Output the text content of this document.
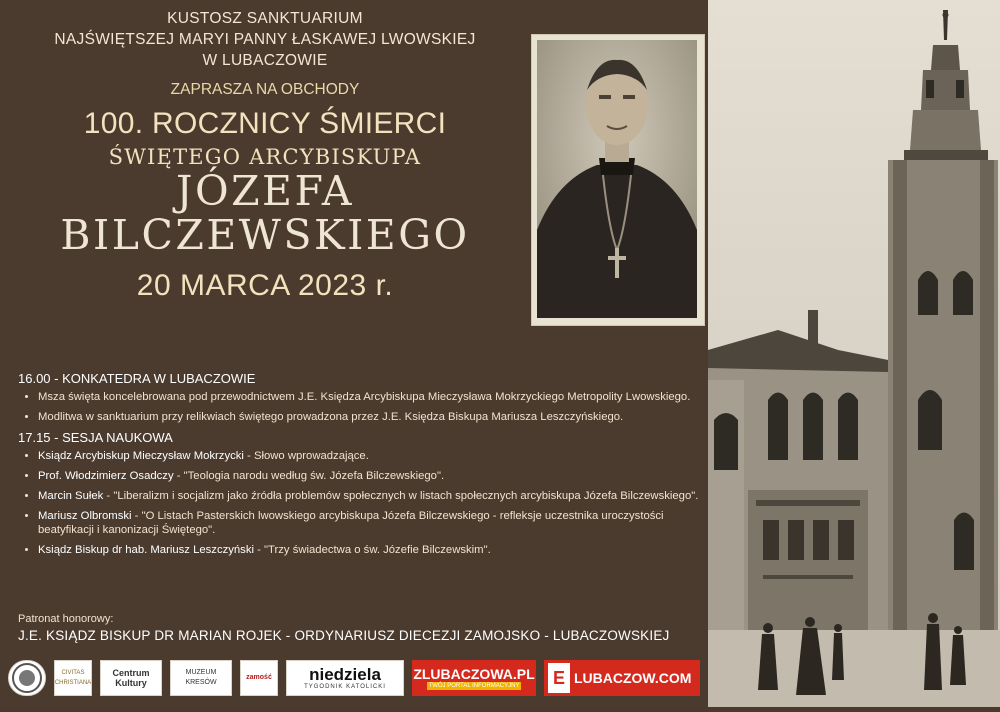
KUSTOSZ SANKTUARIUM
NAJŚWIĘTSZEJ MARYI PANNY ŁASKAWEJ LWOWSKIEJ
W LUBACZOWIE
ZAPRASZA NA OBCHODY
100. ROCZNICY ŚMIERCI
ŚWIĘTEGO ARCYBISKUPA
JÓZEFA
BILCZEWSKIEGO
20 MARCA 2023 r.
16.00 - KONKATEDRA W LUBACZOWIE
• Msza święta koncelebrowana pod przewodnictwem J.E. Księdza Arcybiskupa Mieczysława Mokrzyckiego Metropolity Lwowskiego.
• Modlitwa w sanktuarium przy relikwiach świętego prowadzona przez J.E. Księdza Biskupa Mariusza Leszczyńskiego.
17.15 - SESJA NAUKOWA
• Ksiądz Arcybiskup Mieczysław Mokrzycki - Słowo wprowadzające.
• Prof. Włodzimierz Osadczy - "Teologia narodu według św. Józefa Bilczewskiego".
• Marcin Sułek - "Liberalizm i socjalizm jako źródła problemów społecznych w listach społecznych arcybiskupa Józefa Bilczewskiego".
• Mariusz Olbromski - "O Listach Pasterskich lwowskiego arcybiskupa Józefa Bilczewskiego - refleksje uczestnika uroczystości beatyfikacji i kanonizacji Świętego".
• Ksiądz Biskup dr hab. Mariusz Leszczyński - "Trzy świadectwa o św. Józefie Bilczewskim".
Patronat honorowy:
J.E. KSIĄDZ BISKUP DR MARIAN ROJEK - ORDYNARIUSZ DIECEZJI ZAMOJSKO - LUBACZOWSKIEJ
CIVITAS CHRISTIANA
Centrum Kultury
MUZEUM KRESÓW
zamość niedziela
TYGODNIK KATOLICKI
ZLUBACZOWA.PL
TWÓJ PORTAL INFORMACYJNY E LUBACZOW.COM
